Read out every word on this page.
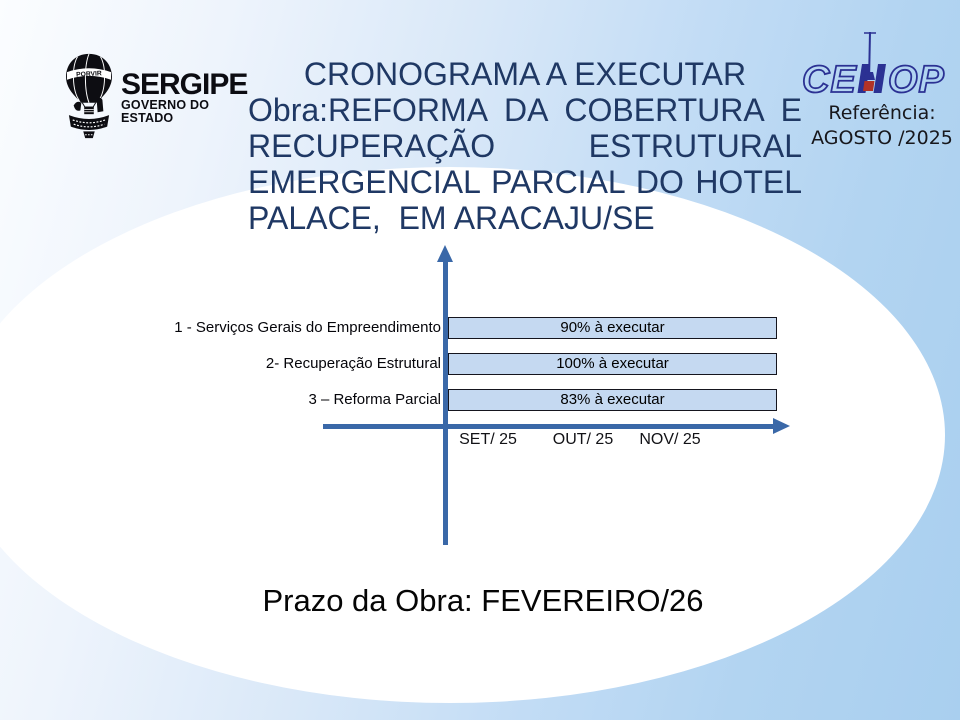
PORVIR SERGIPE
GOVERNO DO ESTADO
CRONOGRAMA A EXECUTAR
Obra:REFORMA DA COBERTURA E
RECUPERAÇÃO ESTRUTURAL
EMERGENCIAL PARCIAL DO HOTEL
PALACE,  EM ARACAJU/SE
CE OP
Referência:
AGOSTO /2025
1 - Serviços Gerais do Empreendimento
2- Recuperação Estrutural
3 – Reforma Parcial
90% à executar
100% à executar
83% à executar
SET/ 25	OUT/ 25	NOV/ 25
Prazo da Obra: FEVEREIRO/26
